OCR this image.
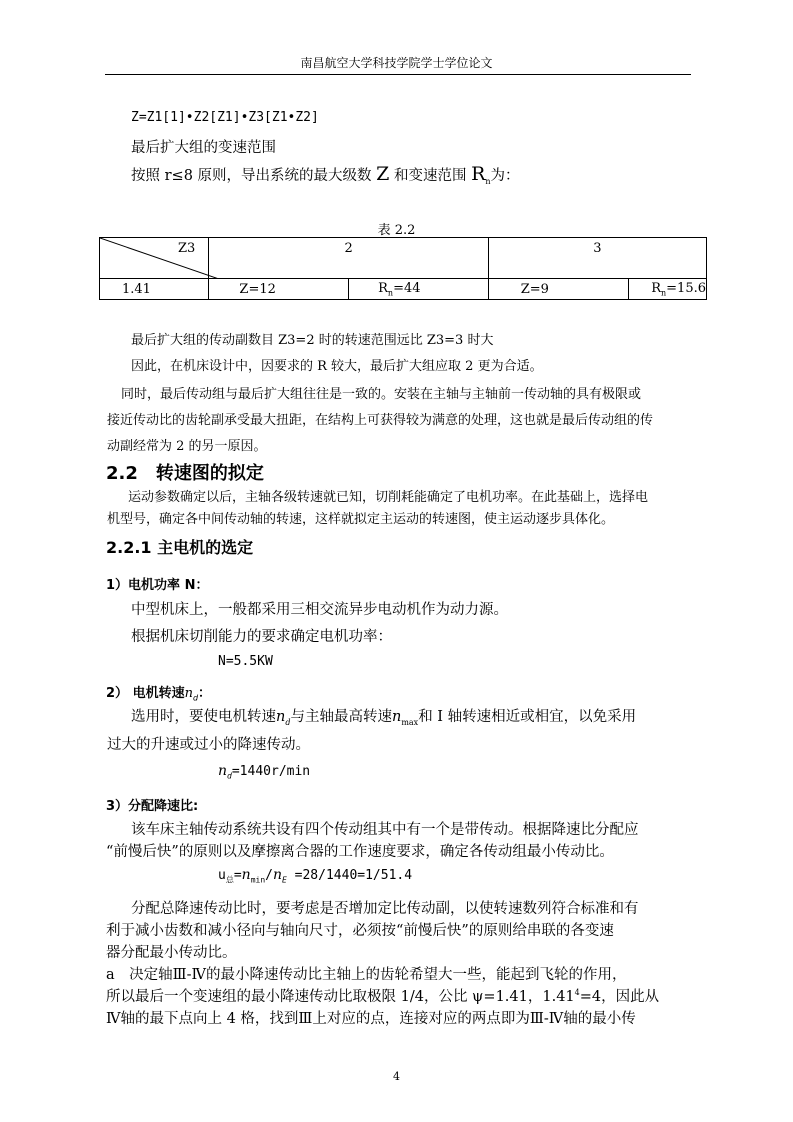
南昌航空大学科技学院学士学位论文
Z=Z1[1]•Z2[Z1]•Z3[Z1•Z2]
最后扩大组的变速范围
按照 r≤8 原则，导出系统的最大级数 Z 和变速范围 $R_n$为：
表 2.2
Z3	2		3	
1.41	Z=12	$R_n=44$	Z=9	$R_n=15.6$
最后扩大组的传动副数目 Z3=2 时的转速范围远比 Z3=3 时大
因此，在机床设计中，因要求的 R 较大，最后扩大组应取 2 更为合适。
同时，最后传动组与最后扩大组往往是一致的。安装在主轴与主轴前一传动轴的具有极限或
接近传动比的齿轮副承受最大扭距，在结构上可获得较为满意的处理，这也就是最后传动组的传
动副经常为 2 的另一原因。
2.2　转速图的拟定
运动参数确定以后，主轴各级转速就已知，切削耗能确定了电机功率。在此基础上，选择电
机型号，确定各中间传动轴的转速，这样就拟定主运动的转速图，使主运动逐步具体化。
2.2.1 主电机的选定
1）电机功率 N：
中型机床上，一般都采用三相交流异步电动机作为动力源。
根据机床切削能力的要求确定电机功率：
N=5.5KW
2） 电机转速$n_d$：
选用时，要使电机转速$n_d$与主轴最高转速$n_{max}$和 I 轴转速相近或相宜，以免采用
过大的升速或过小的降速传动。
$n_d=1440r/\min$
3）分配降速比:
该车床主轴传动系统共设有四个传动组其中有一个是带传动。根据降速比分配应
“前慢后快”的原则以及摩擦离合器的工作速度要求，确定各传动组最小传动比。
$u_总=n_{min}/n_E =28/1440=1/51.4$
分配总降速传动比时，要考虑是否增加定比传动副，以使转速数列符合标准和有
利于减小齿数和减小径向与轴向尺寸，必须按“前慢后快”的原则给串联的各变速
器分配最小传动比。
a　决定轴Ⅲ-Ⅳ的最小降速传动比主轴上的齿轮希望大一些，能起到飞轮的作用，
所以最后一个变速组的最小降速传动比取极限 1/4，公比 ψ=1.41，$1.41^4=4$，因此从
Ⅳ轴的最下点向上 4 格，找到Ⅲ上对应的点，连接对应的两点即为Ⅲ-Ⅳ轴的最小传
4
